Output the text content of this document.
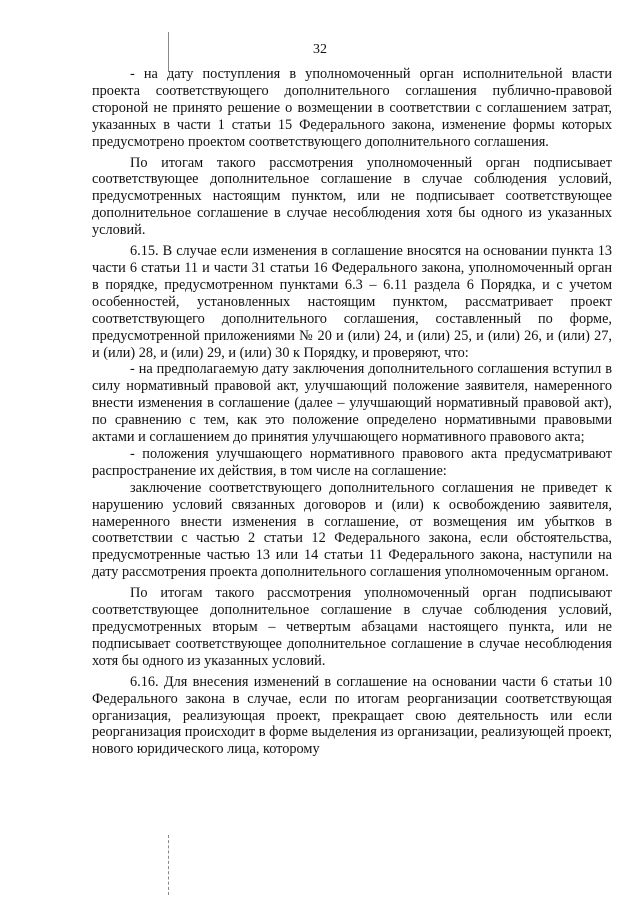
32

- на дату поступления в уполномоченный орган исполнительной власти проекта соответствующего дополнительного соглашения публично-правовой стороной не принято решение о возмещении в соответствии с соглашением затрат, указанных в части 1 статьи 15 Федерального закона, изменение формы которых предусмотрено проектом соответствующего дополнительного соглашения.

По итогам такого рассмотрения уполномоченный орган подписывает соответствующее дополнительное соглашение в случае соблюдения условий, предусмотренных настоящим пунктом, или не подписывает соответствующее дополнительное соглашение в случае несоблюдения хотя бы одного из указанных условий.

6.15. В случае если изменения в соглашение вносятся на основании пункта 13 части 6 статьи 11 и части 31 статьи 16 Федерального закона, уполномоченный орган в порядке, предусмотренном пунктами 6.3 – 6.11 раздела 6 Порядка, и с учетом особенностей, установленных настоящим пунктом, рассматривает проект соответствующего дополнительного соглашения, составленный по форме, предусмотренной приложениями № 20 и (или) 24, и (или) 25, и (или) 26, и (или) 27, и (или) 28, и (или) 29, и (или) 30 к Порядку, и проверяют, что:

- на предполагаемую дату заключения дополнительного соглашения вступил в силу нормативный правовой акт, улучшающий положение заявителя, намеренного внести изменения в соглашение (далее – улучшающий нормативный правовой акт), по сравнению с тем, как это положение определено нормативными правовыми актами и соглашением до принятия улучшающего нормативного правового акта;

- положения улучшающего нормативного правового акта предусматривают распространение их действия, в том числе на соглашение:

заключение соответствующего дополнительного соглашения не приведет к нарушению условий связанных договоров и (или) к освобождению заявителя, намеренного внести изменения в соглашение, от возмещения им убытков в соответствии с частью 2 статьи 12 Федерального закона, если обстоятельства, предусмотренные частью 13 или 14 статьи 11 Федерального закона, наступили на дату рассмотрения проекта дополнительного соглашения уполномоченным органом.

По итогам такого рассмотрения уполномоченный орган подписывают соответствующее дополнительное соглашение в случае соблюдения условий, предусмотренных вторым – четвертым абзацами настоящего пункта, или не подписывает соответствующее дополнительное соглашение в случае несоблюдения хотя бы одного из указанных условий.

6.16. Для внесения изменений в соглашение на основании части 6 статьи 10 Федерального закона в случае, если по итогам реорганизации соответствующая организация, реализующая проект, прекращает свою деятельность или если реорганизация происходит в форме выделения из организации, реализующей проект, нового юридического лица, которому
